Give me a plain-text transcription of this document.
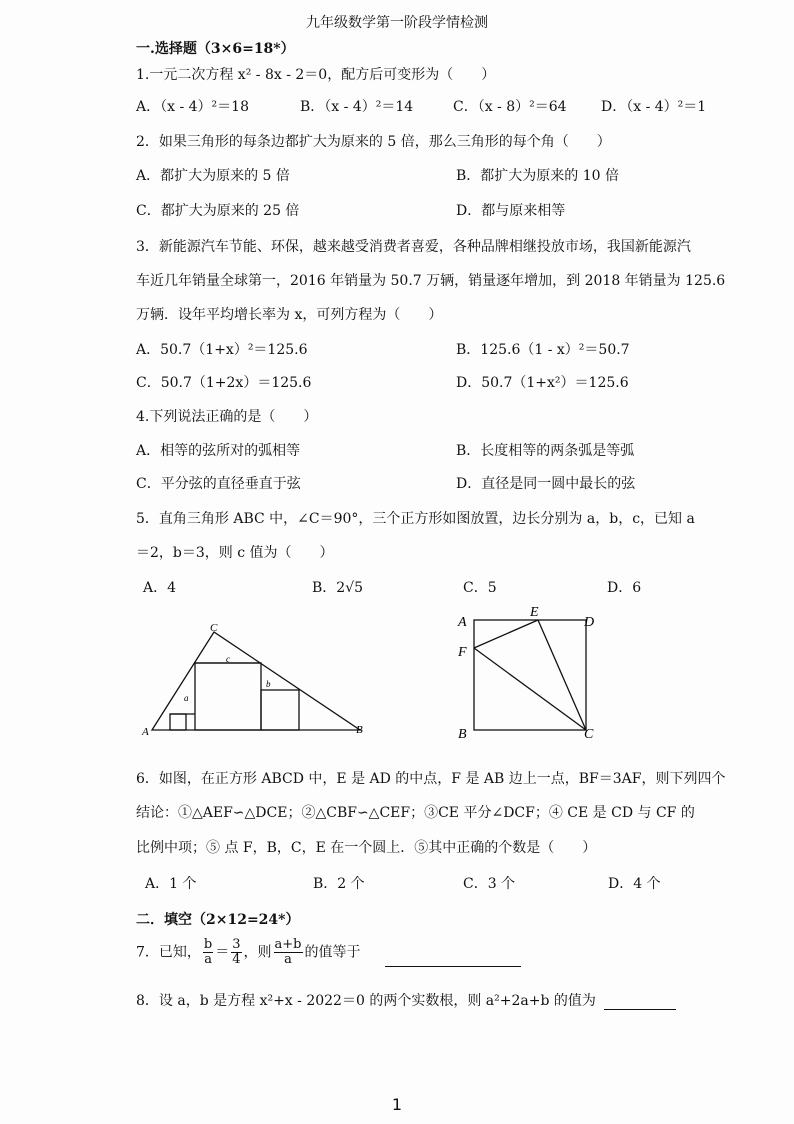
九年级数学第一阶段学情检测
一.选择题（3×6=18*）
1.一元二次方程 x² - 8x - 2＝0，配方后可变形为（　　）
A．（x - 4）²＝18	B．（x - 4）²＝14	C．（x - 8）²＝64 D．（x - 4）²＝1
2．如果三角形的每条边都扩大为原来的 5 倍，那么三角形的每个角（　　）
A．都扩大为原来的 5 倍	B．都扩大为原来的 10 倍
C．都扩大为原来的 25 倍	D．都与原来相等
3．新能源汽车节能、环保，越来越受消费者喜爱，各种品牌相继投放市场，我国新能源汽
车近几年销量全球第一，2016 年销量为 50.7 万辆，销量逐年增加，到 2018 年销量为 125.6
万辆．设年平均增长率为 x，可列方程为（　　）
A．50.7（1+x）²＝125.6	B．125.6（1 - x）²＝50.7
C．50.7（1+2x）＝125.6	D．50.7（1+x²）＝125.6
4.下列说法正确的是（　　）
A．相等的弦所对的弧相等	B．长度相等的两条弧是等弧
C．平分弦的直径垂直于弦	D．直径是同一圆中最长的弦
5．直角三角形 ABC 中，∠C＝90°，三个正方形如图放置，边长分别为 a，b，c，已知 a
＝2，b＝3，则 c 值为（　　）
A．4	B．2√5	C．5	D．6
C
A	B
a
c
b
A
E
D
F
B	C
6．如图，在正方形 ABCD 中，E 是 AD 的中点，F 是 AB 边上一点，BF＝3AF，则下列四个
结论：①△AEF∽△DCE；②△CBF∽△CEF；③CE 平分∠DCF；④ CE 是 CD 与 CF 的
比例中项；⑤ 点 F，B，C，E 在一个圆上．⑤其中正确的个数是（　　）
A．1 个	B．2 个	C．3 个	D．4 个
二．填空（2×12=24*）
7．已知， $\frac{b}{a} = \frac{3}{4}$ ，则 $\frac{a+b}{a}$ 的值等于
8．设 a，b 是方程 x²+x - 2022＝0 的两个实数根，则 a²+2a+b 的值为
1
